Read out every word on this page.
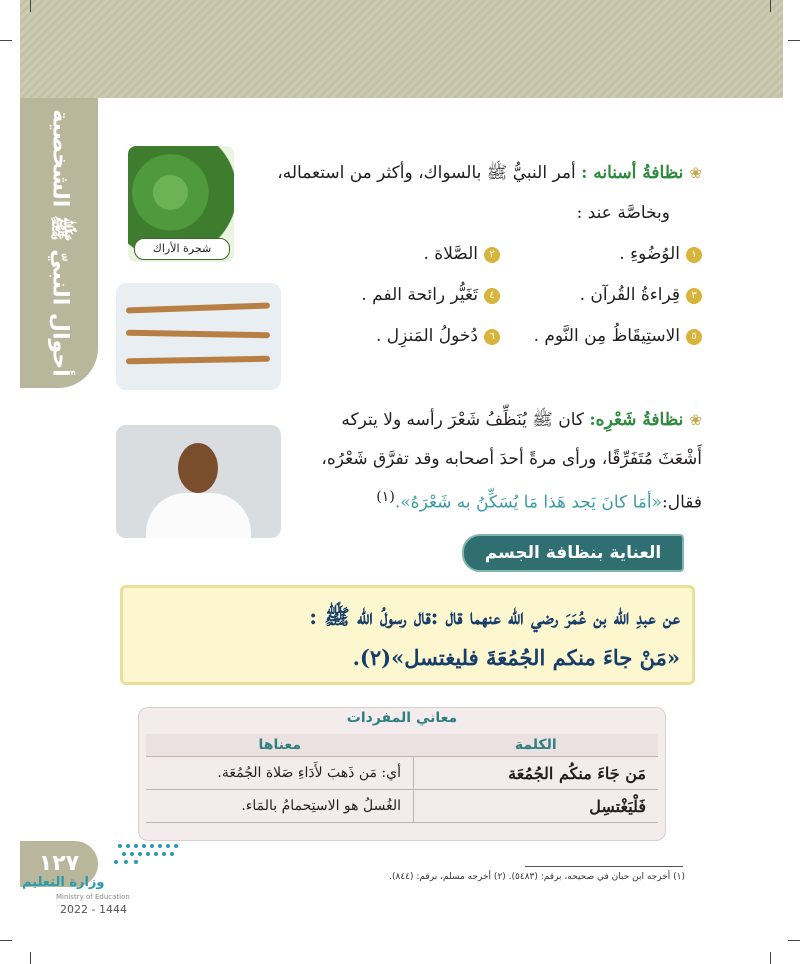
أحوال النبيّ ﷺ الشخصية	شجرة الأراك
❀نظافةُ أسنانه : أمر النبيُّ ﷺ بالسواك، وأكثر من استعماله،
وبخاصَّة عند :
١الوُضُوءِ .
٢الصَّلاة .
٣قِراءةُ القُرآن .
٤تَغَيُّر رائحة الفم .
٥الاستِيقَاظُ مِن النَّوم .
٦دُخولُ المَنزِل .
❀نظافةُ شَعْرِه: كان ﷺ يُنَظِّفُ شَعْرَ رأسه ولا يتركه
أَشْعَثَ مُتَفَرِّقًا، ورأى مرةً أحدَ أصحابه وقد تفرَّق شَعْرُه،
فقال:«أمَا كانَ يَجد هَذا مَا يُسَكِّنُ به شَعْرَهُ».$^{(١)}$
العناية بنظافة الجسم
عن عبدِ الله بن عُمَرَ رضي الله عنهما قال :قال رسولُ الله ﷺ :
«مَنْ جاءَ منكم الجُمُعَةَ فليغتسل»(٢).
معاني المفردات
الكلمة	معناها
مَن جَاءَ منكُم الجُمُعَة	أي: مَن ذَهبَ لأَدَاءِ صَلاة الجُمُعَة.
فَلْيَغْتسِل	الغُسلُ هو الاستِحمامُ بالمَاء.
(١) أخرجه ابن حبان في صحيحه، برقم: (٥٤٨٣). (٢) أخرجه مسلم، برقم: (٨٤٤).
١٢٧
وزارة التعليم
Ministry of Education
2022 - 1444
